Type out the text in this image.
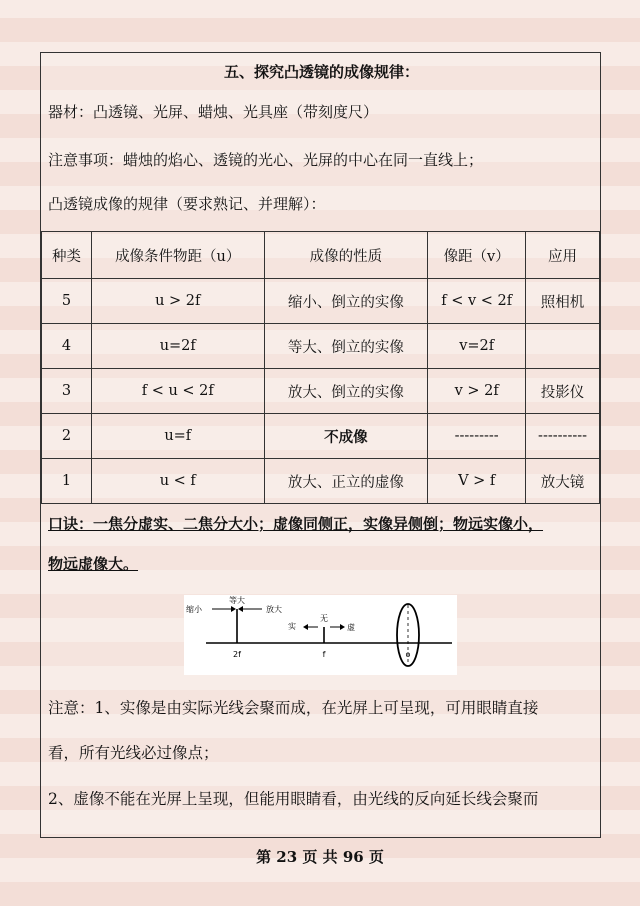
五、探究凸透镜的成像规律：
器材：凸透镜、光屏、蜡烛、光具座（带刻度尺）
注意事项：蜡烛的焰心、透镜的光心、光屏的中心在同一直线上；
凸透镜成像的规律（要求熟记、并理解）：
种类	成像条件物距（u）	成像的性质	像距（v）	应用
5	u > 2f	缩小、倒立的实像	f < v < 2f	照相机
4	u=2f	等大、倒立的实像	v=2f	
3	f < u < 2f	放大、倒立的实像	v > 2f	投影仪
2	u=f	不成像	---------	----------
1	u < f	放大、正立的虚像	V > f	放大镜
口诀：一焦分虚实、二焦分大小；虚像同侧正，实像异侧倒；物远实像小，
物远虚像大。
等大
缩小	放大
实
无
虚
2f	f	o
注意：1、实像是由实际光线会聚而成，在光屏上可呈现，可用眼睛直接
看，所有光线必过像点；
2、虚像不能在光屏上呈现，但能用眼睛看，由光线的反向延长线会聚而
第 23 页 共 96 页
